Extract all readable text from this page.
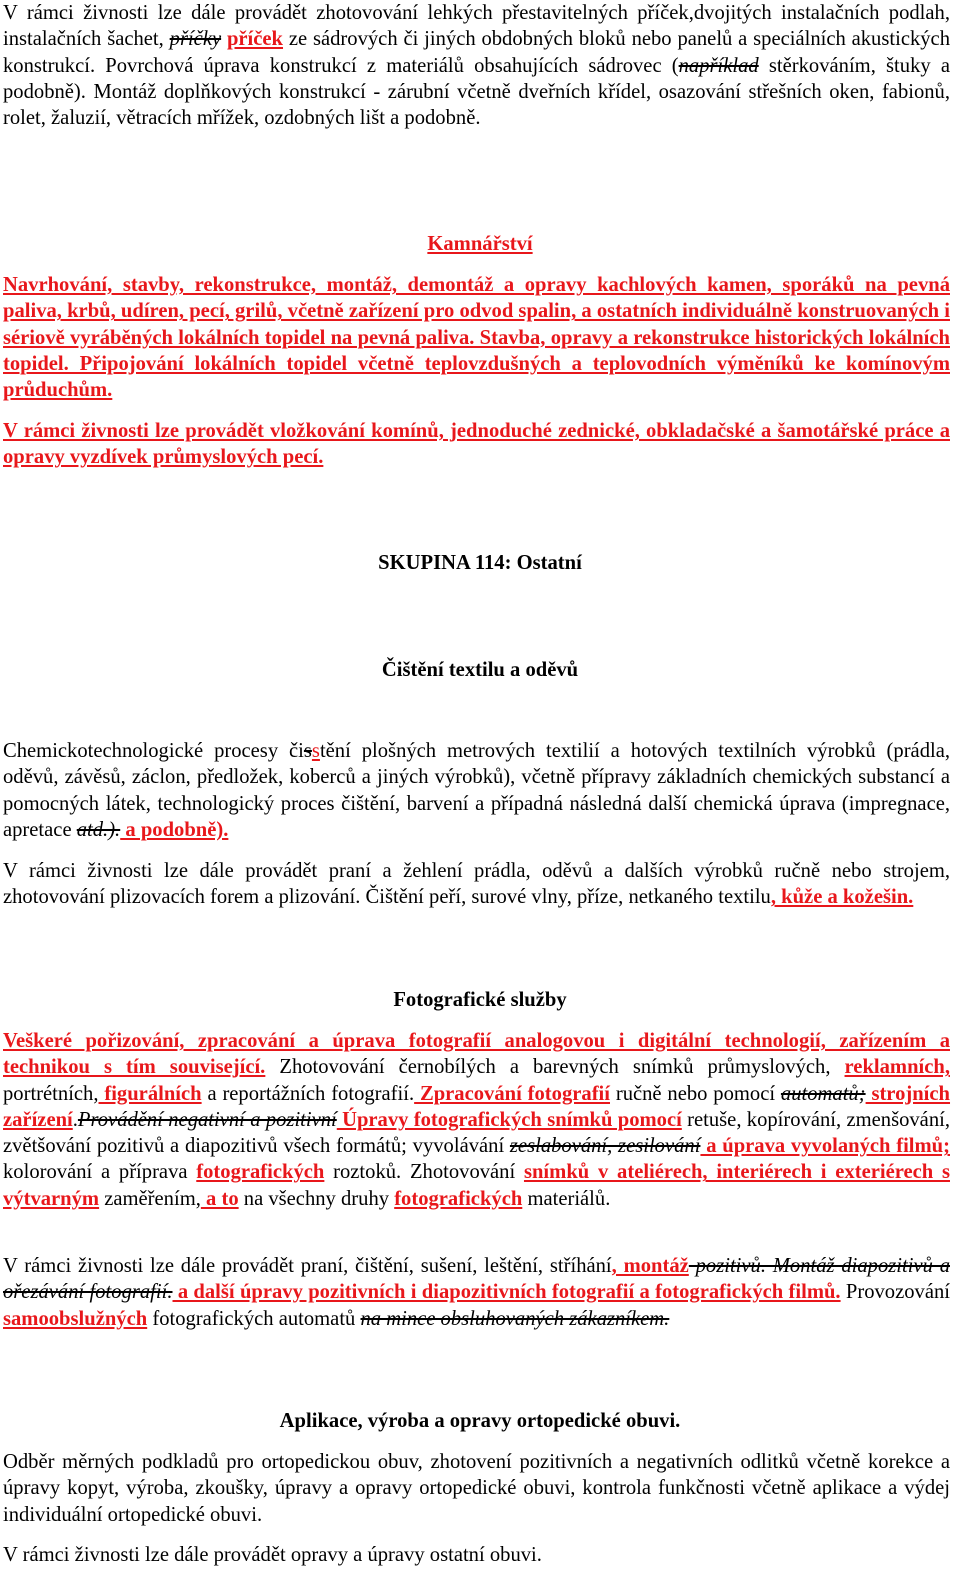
V rámci živnosti lze dále provádět zhotovování lehkých přestavitelných příček,dvojitých instalačních podlah, instalačních šachet, příčky příček ze sádrových či jiných obdobných bloků nebo panelů a speciálních akustických konstrukcí. Povrchová úprava konstrukcí z materiálů obsahujících sádrovec (například stěrkováním, štuky a podobně). Montáž doplňkových konstrukcí - zárubní včetně dveřních křídel, osazování střešních oken, fabionů, rolet, žaluzií, větracích mřížek, ozdobných lišt a podobně.

Kamnářství

Navrhování, stavby, rekonstrukce, montáž, demontáž a opravy kachlových kamen, sporáků na pevná paliva, krbů, udíren, pecí, grilů, včetně zařízení pro odvod spalin, a ostatních individuálně konstruovaných i sériově vyráběných lokálních topidel na pevná paliva. Stavba, opravy a rekonstrukce historických lokálních topidel. Připojování lokálních topidel včetně teplovzdušných a teplovodních výměníků ke komínovým průduchům.

V rámci živnosti lze provádět vložkování komínů, jednoduché zednické, obkladačské a šamotářské práce a opravy vyzdívek průmyslových pecí.

SKUPINA 114: Ostatní
Čištění textilu a oděvů

Chemickotechnologické procesy čisstění plošných metrových textilií a hotových textilních výrobků (prádla, oděvů, závěsů, záclon, předložek, koberců a jiných výrobků), včetně přípravy základních chemických substancí a pomocných látek, technologický proces čištění, barvení a případná následná další chemická úprava (impregnace, apretace atd.). a podobně).

V rámci živnosti lze dále provádět praní a žehlení prádla, oděvů a dalších výrobků ručně nebo strojem, zhotovování plizovacích forem a plizování. Čištění peří, surové vlny, příze, netkaného textilu, kůže a kožešin.

Fotografické služby

Veškeré pořizování, zpracování a úprava fotografií analogovou i digitální technologií, zařízením a technikou s tím související. Zhotovování černobílých a barevných snímků průmyslových, reklamních, portrétních, figurálních a reportážních fotografií. Zpracování fotografií ručně nebo pomocí automatů; strojních zařízení.Provádění negativní a pozitivní Úpravy fotografických snímků pomocí retuše, kopírování, zmenšování, zvětšování pozitivů a diapozitivů všech formátů; vyvolávání zeslabování, zesilování a úprava vyvolaných filmů; kolorování a příprava fotografických roztoků. Zhotovování snímků v ateliérech, interiérech i exteriérech s výtvarným zaměřením, a to na všechny druhy fotografických materiálů.

V rámci živnosti lze dále provádět praní, čištění, sušení, leštění, stříhání, montáž pozitivů. Montáž diapozitivů a ořezávání fotografií. a další úpravy pozitivních i diapozitivních fotografií a fotografických filmů. Provozování samoobslužných fotografických automatů na mince obsluhovaných zákazníkem.

Aplikace, výroba a opravy ortopedické obuvi.

Odběr měrných podkladů pro ortopedickou obuv, zhotovení pozitivních a negativních odlitků včetně korekce a úpravy kopyt, výroba, zkoušky, úpravy a opravy ortopedické obuvi, kontrola funkčnosti včetně aplikace a výdej individuální ortopedické obuvi.

V rámci živnosti lze dále provádět opravy a úpravy ostatní obuvi.
